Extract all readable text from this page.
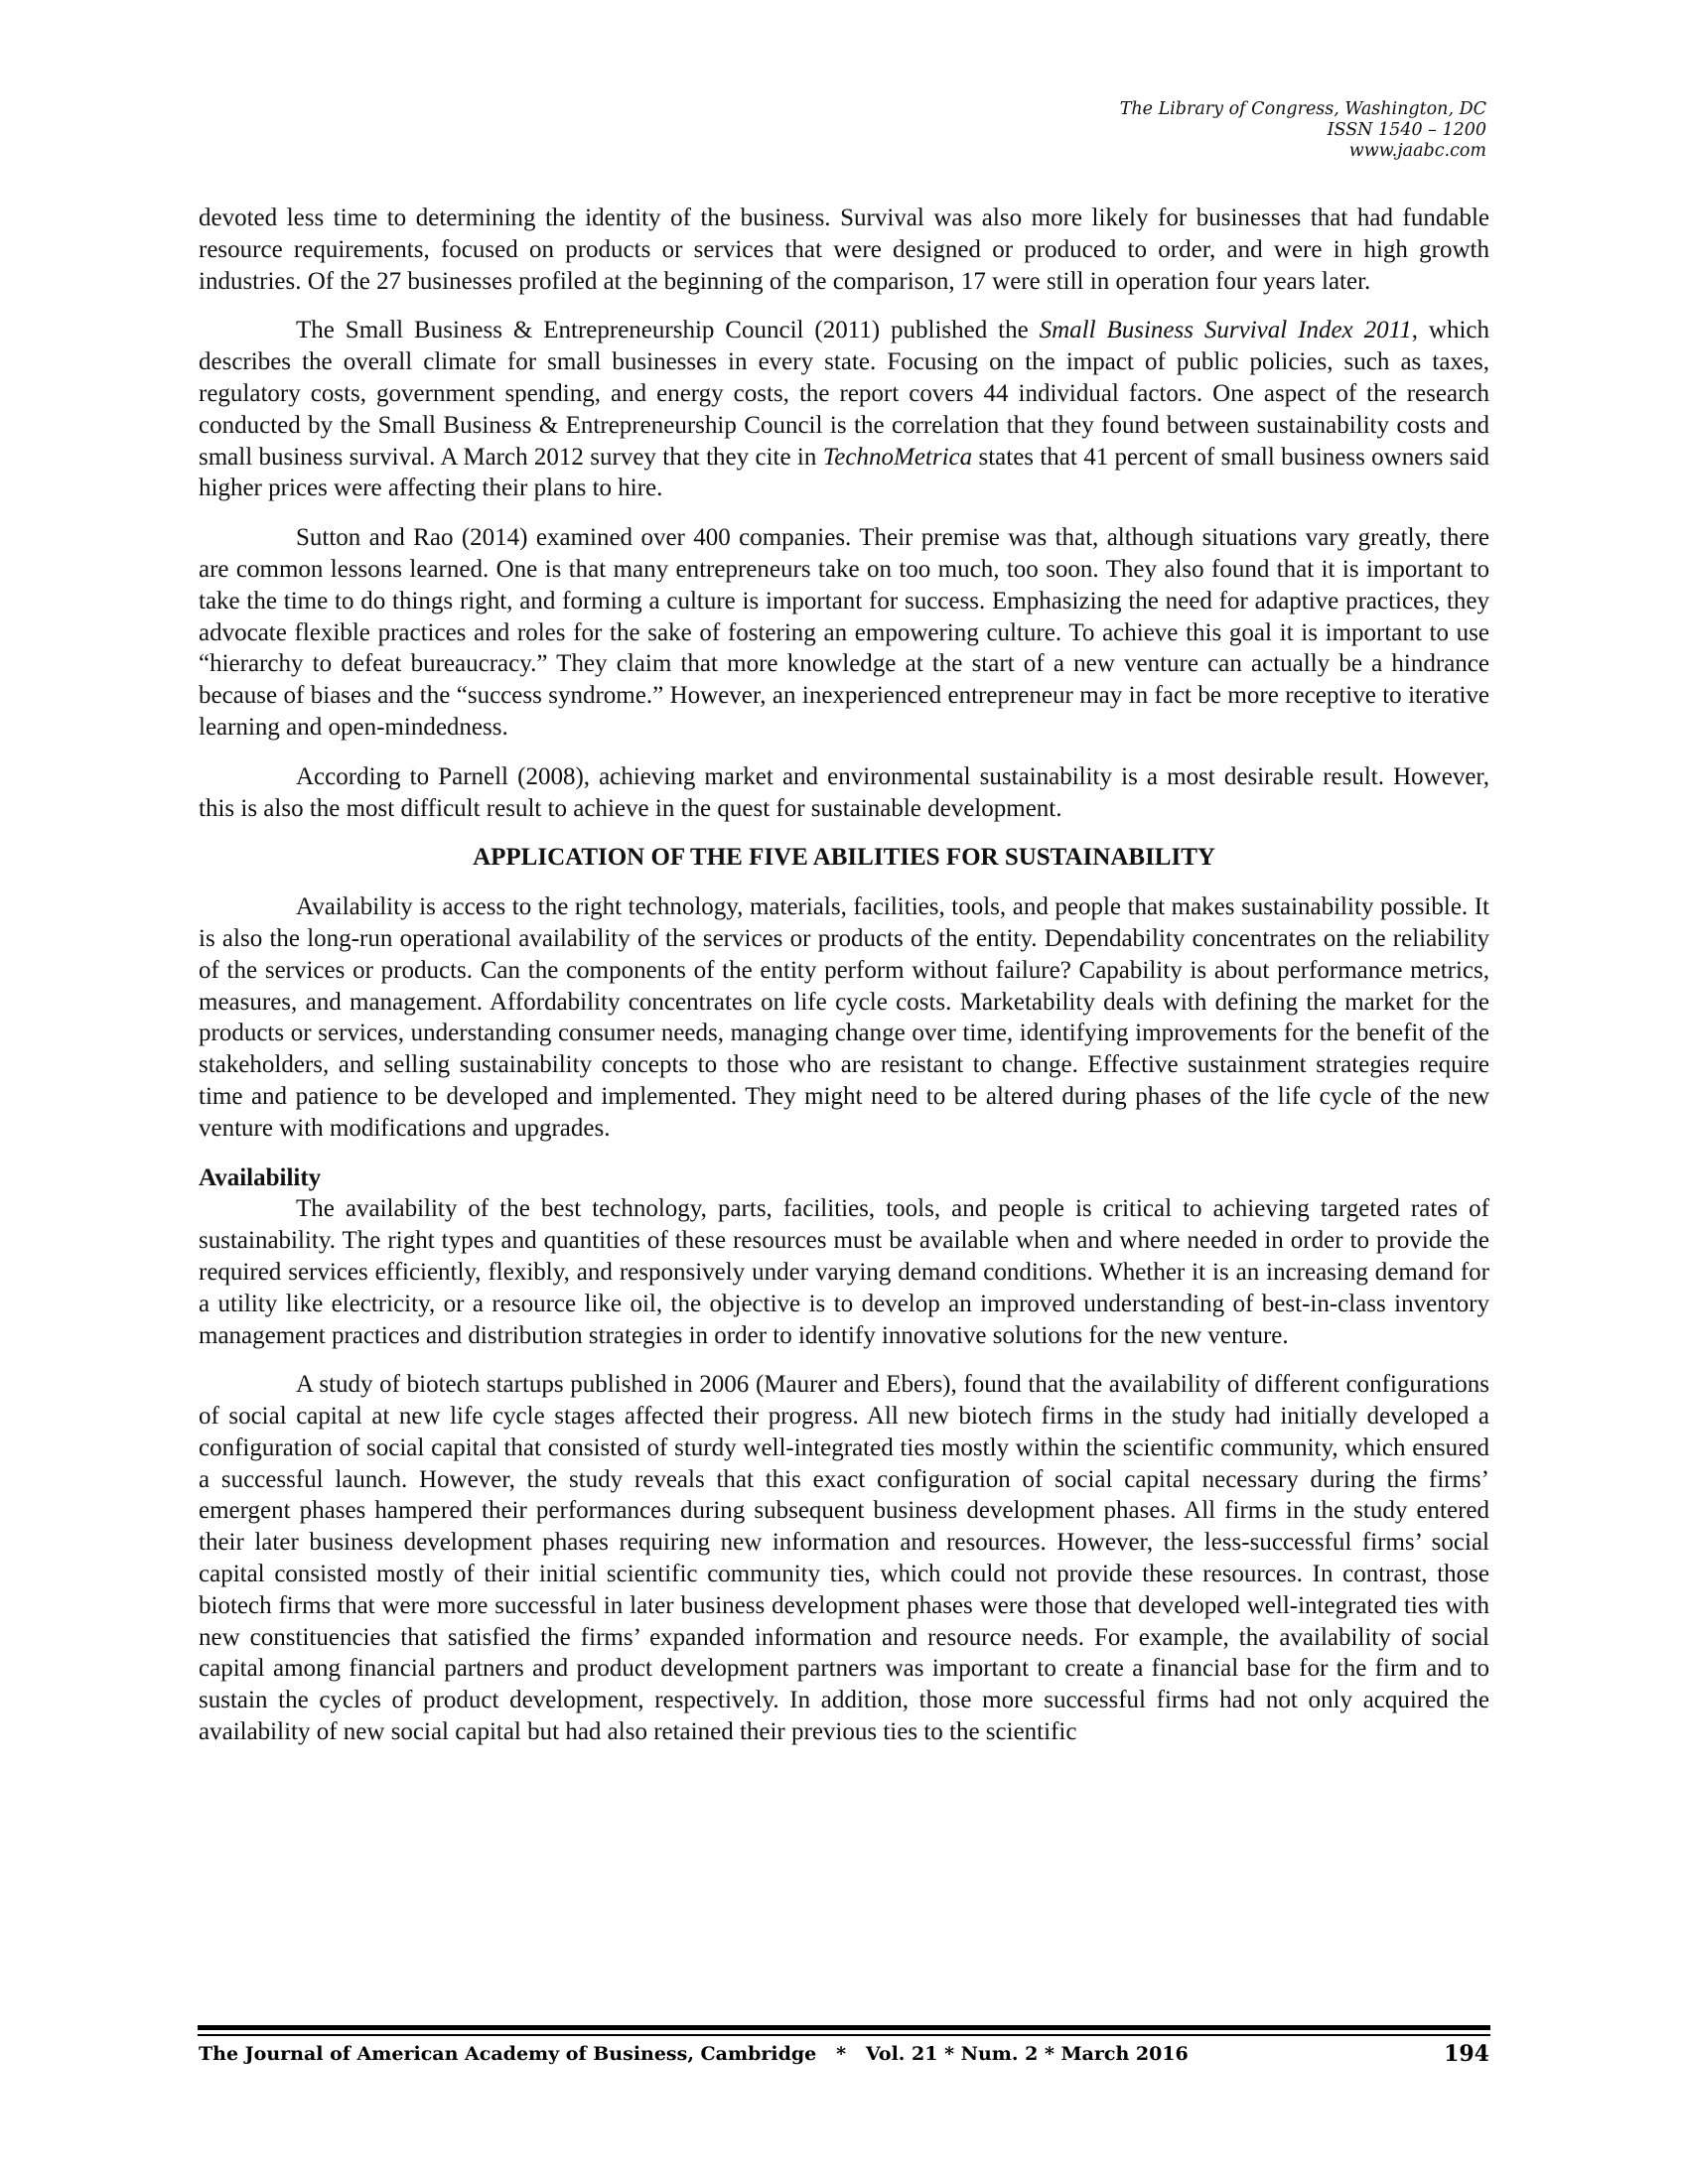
The Library of Congress, Washington, DC
ISSN 1540 – 1200
www.jaabc.com

devoted less time to determining the identity of the business. Survival was also more likely for businesses that had fundable resource requirements, focused on products or services that were designed or produced to order, and were in high growth industries. Of the 27 businesses profiled at the beginning of the comparison, 17 were still in operation four years later.

The Small Business & Entrepreneurship Council (2011) published the Small Business Survival Index 2011, which describes the overall climate for small businesses in every state. Focusing on the impact of public policies, such as taxes, regulatory costs, government spending, and energy costs, the report covers 44 individual factors. One aspect of the research conducted by the Small Business & Entrepreneurship Council is the correlation that they found between sustainability costs and small business survival. A March 2012 survey that they cite in TechnoMetrica states that 41 percent of small business owners said higher prices were affecting their plans to hire.

Sutton and Rao (2014) examined over 400 companies. Their premise was that, although situations vary greatly, there are common lessons learned. One is that many entrepreneurs take on too much, too soon. They also found that it is important to take the time to do things right, and forming a culture is important for success. Emphasizing the need for adaptive practices, they advocate flexible practices and roles for the sake of fostering an empowering culture. To achieve this goal it is important to use “hierarchy to defeat bureaucracy.” They claim that more knowledge at the start of a new venture can actually be a hindrance because of biases and the “success syndrome.” However, an inexperienced entrepreneur may in fact be more receptive to iterative learning and open-mindedness.

According to Parnell (2008), achieving market and environmental sustainability is a most desirable result. However, this is also the most difficult result to achieve in the quest for sustainable development.

APPLICATION OF THE FIVE ABILITIES FOR SUSTAINABILITY

Availability is access to the right technology, materials, facilities, tools, and people that makes sustainability possible. It is also the long-run operational availability of the services or products of the entity. Dependability concentrates on the reliability of the services or products. Can the components of the entity perform without failure? Capability is about performance metrics, measures, and management. Affordability concentrates on life cycle costs. Marketability deals with defining the market for the products or services, understanding consumer needs, managing change over time, identifying improvements for the benefit of the stakeholders, and selling sustainability concepts to those who are resistant to change. Effective sustainment strategies require time and patience to be developed and implemented. They might need to be altered during phases of the life cycle of the new venture with modifications and upgrades.

Availability

The availability of the best technology, parts, facilities, tools, and people is critical to achieving targeted rates of sustainability. The right types and quantities of these resources must be available when and where needed in order to provide the required services efficiently, flexibly, and responsively under varying demand conditions. Whether it is an increasing demand for a utility like electricity, or a resource like oil, the objective is to develop an improved understanding of best-in-class inventory management practices and distribution strategies in order to identify innovative solutions for the new venture.

A study of biotech startups published in 2006 (Maurer and Ebers), found that the availability of different configurations of social capital at new life cycle stages affected their progress. All new biotech firms in the study had initially developed a configuration of social capital that consisted of sturdy well-integrated ties mostly within the scientific community, which ensured a successful launch. However, the study reveals that this exact configuration of social capital necessary during the firms’ emergent phases hampered their performances during subsequent business development phases. All firms in the study entered their later business development phases requiring new information and resources. However, the less-successful firms’ social capital consisted mostly of their initial scientific community ties, which could not provide these resources. In contrast, those biotech firms that were more successful in later business development phases were those that developed well-integrated ties with new constituencies that satisfied the firms’ expanded information and resource needs. For example, the availability of social capital among financial partners and product development partners was important to create a financial base for the firm and to sustain the cycles of product development, respectively. In addition, those more successful firms had not only acquired the availability of new social capital but had also retained their previous ties to the scientific

The Journal of American Academy of Business, Cambridge   *   Vol. 21 * Num. 2 * March 2016	194
